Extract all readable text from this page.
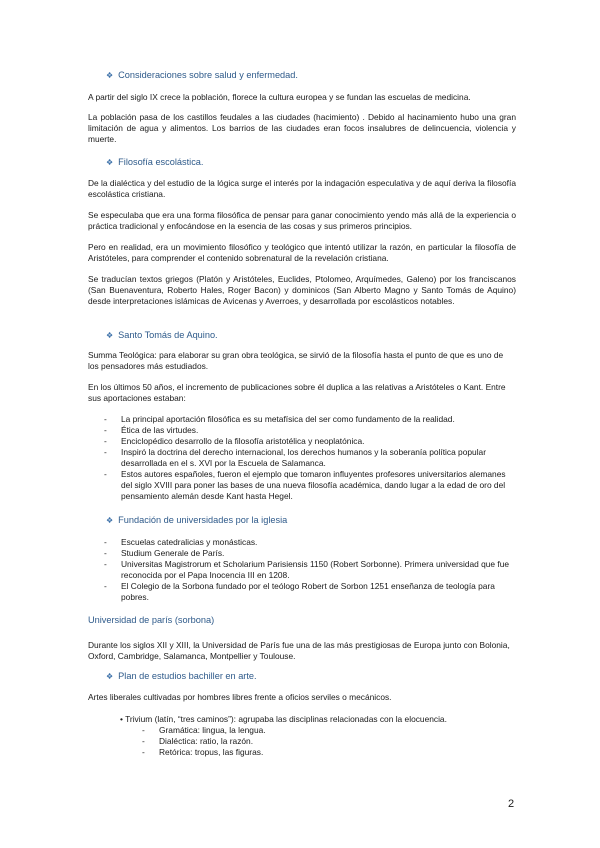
❖ Consideraciones sobre salud y enfermedad.

A partir del siglo IX crece la población, florece la cultura europea y se fundan las escuelas de medicina.

La población pasa de los castillos feudales a las ciudades (hacimiento) . Debido al hacinamiento hubo una gran limitación de agua y alimentos. Los barrios de las ciudades eran focos insalubres de delincuencia, violencia y muerte.

❖ Filosofía escolástica.

De la dialéctica y del estudio de la lógica surge el interés por la indagación especulativa y de aquí deriva la filosofía escolástica cristiana.

Se especulaba que era una forma filosófica de pensar para ganar conocimiento yendo más allá de la experiencia o práctica tradicional y enfocándose en la esencia de las cosas y sus primeros principios.

Pero en realidad, era un movimiento filosófico y teológico que intentó utilizar la razón, en particular la filosofía de Aristóteles, para comprender el contenido sobrenatural de la revelación cristiana.

Se traducían textos griegos (Platón y Aristóteles, Euclides, Ptolomeo, Arquímedes, Galeno) por los franciscanos (San Buenaventura, Roberto Hales, Roger Bacon) y dominicos (San Alberto Magno y Santo Tomás de Aquino) desde interpretaciones islámicas de Avicenas y Averroes, y desarrollada por escolásticos notables.

❖ Santo Tomás de Aquino.

Summa Teológica: para elaborar su gran obra teológica, se sirvió de la filosofía hasta el punto de que es uno de los pensadores más estudiados.

En los últimos 50 años, el incremento de publicaciones sobre él duplica a las relativas a Aristóteles o Kant. Entre sus aportaciones estaban:

- La principal aportación filosófica es su metafísica del ser como fundamento de la realidad.
- Ética de las virtudes.
- Enciclopédico desarrollo de la filosofía aristotélica y neoplatónica.
- Inspiró la doctrina del derecho internacional, los derechos humanos y la soberanía política popular desarrollada en el s. XVI por la Escuela de Salamanca.
- Estos autores españoles, fueron el ejemplo que tomaron influyentes profesores universitarios alemanes del siglo XVIII para poner las bases de una nueva filosofía académica, dando lugar a la edad de oro del pensamiento alemán desde Kant hasta Hegel.
❖ Fundación de universidades por la iglesia
- Escuelas catedralicias y monásticas.
- Studium Generale de París.
- Universitas Magistrorum et Scholarium Parisiensis 1150 (Robert Sorbonne). Primera universidad que fue reconocida por el Papa Inocencia III en 1208.
- El Colegio de la Sorbona fundado por el teólogo Robert de Sorbon 1251 enseñanza de teología para pobres.
Universidad de parís (sorbona)

Durante los siglos XII y XIII, la Universidad de París fue una de las más prestigiosas de Europa junto con Bolonia, Oxford, Cambridge, Salamanca, Montpellier y Toulouse.

❖ Plan de estudios bachiller en arte.

Artes liberales cultivadas por hombres libres frente a oficios serviles o mecánicos.

• Trivium (latín, “tres caminos”): agrupaba las disciplinas relacionadas con la elocuencia.
- Gramática: lingua, la lengua.
- Dialéctica: ratio, la razón.
- Retórica: tropus, las figuras.
2
